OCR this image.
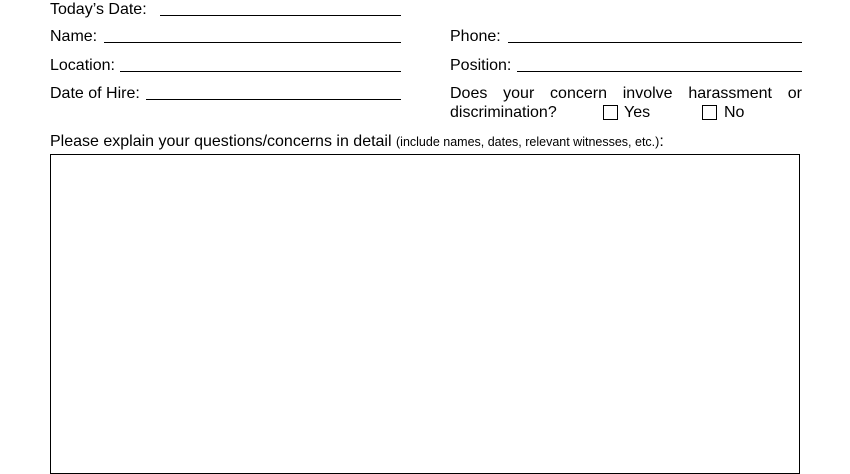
Today’s Date:
Name:
Location:
Date of Hire:
Phone:
Position:
Does your concern involve harassment or
discrimination?	Yes	No
Please explain your questions/concerns in detail (include names, dates, relevant witnesses, etc.):
